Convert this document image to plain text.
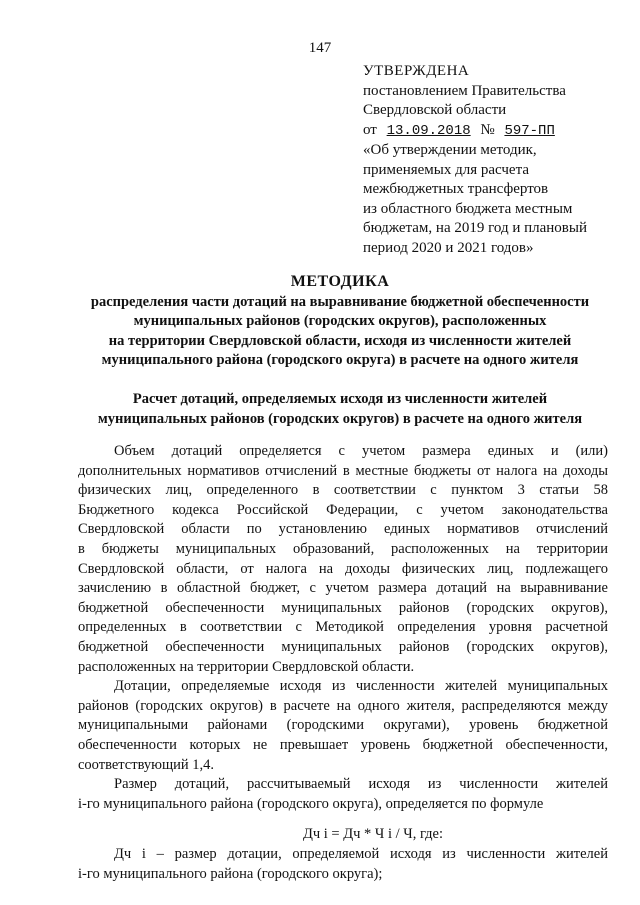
147
УТВЕРЖДЕНА
постановлением Правительства
Свердловской области
от 13.09.2018 № 597-ПП
«Об утверждении методик,
применяемых для расчета
межбюджетных трансфертов
из областного бюджета местным
бюджетам, на 2019 год и плановый
период 2020 и 2021 годов»
МЕТОДИКА
распределения части дотаций на выравнивание бюджетной обеспеченности
муниципальных районов (городских округов), расположенных
на территории Свердловской области, исходя из численности жителей
муниципального района (городского округа) в расчете на одного жителя
Расчет дотаций, определяемых исходя из численности жителей
муниципальных районов (городских округов) в расчете на одного жителя
Объем дотаций определяется с учетом размера единых и (или)
дополнительных нормативов отчислений в местные бюджеты от налога на доходы
физических лиц, определенного в соответствии с пунктом 3 статьи 58
Бюджетного кодекса Российской Федерации, с учетом законодательства
Свердловской области по установлению единых нормативов отчислений
в бюджеты муниципальных образований, расположенных на территории
Свердловской области, от налога на доходы физических лиц, подлежащего
зачислению в областной бюджет, с учетом размера дотаций на выравнивание
бюджетной обеспеченности муниципальных районов (городских округов),
определенных в соответствии с Методикой определения уровня расчетной
бюджетной обеспеченности муниципальных районов (городских округов),
расположенных на территории Свердловской области.
Дотации, определяемые исходя из численности жителей муниципальных
районов (городских округов) в расчете на одного жителя, распределяются между
муниципальными районами (городскими округами), уровень бюджетной
обеспеченности которых не превышает уровень бюджетной обеспеченности,
соответствующий 1,4.
Размер дотаций, рассчитываемый исходя из численности жителей
i-го муниципального района (городского округа), определяется по формуле
Дч i = Дч * Ч i / Ч, где:
Дч i – размер дотации, определяемой исходя из численности жителей
i-го муниципального района (городского округа);
